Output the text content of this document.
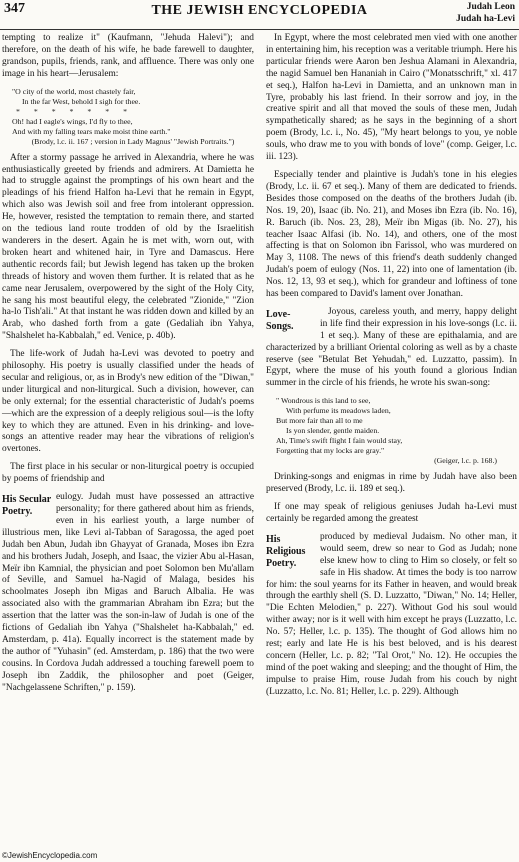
347	THE JEWISH ENCYCLOPEDIA	Judah Leon
Judah ha-Levi

tempting to realize it" (Kaufmann, "Jehuda Halevi"); and therefore, on the death of his wife, he bade farewell to daughter, grandson, pupils, friends, rank, and affluence. There was only one image in his heart—Jerusalem:

"O city of the world, most chastely fair,
In the far West, behold I sigh for thee.
* * * * * * *
Oh! had I eagle's wings, I'd fly to thee,
And with my falling tears make moist thine earth."
(Brody, l.c. ii. 167 ; version in Lady Magnus' "Jewish Portraits.")

After a stormy passage he arrived in Alexandria, where he was enthusiastically greeted by friends and admirers. At Damietta he had to struggle against the promptings of his own heart and the pleadings of his friend Halfon ha-Levi that he remain in Egypt, which also was Jewish soil and free from intolerant oppression. He, however, resisted the temptation to remain there, and started on the tedious land route trodden of old by the Israelitish wanderers in the desert. Again he is met with, worn out, with broken heart and whitened hair, in Tyre and Damascus. Here authentic records fail; but Jewish legend has taken up the broken threads of history and woven them further. It is related that as he came near Jerusalem, overpowered by the sight of the Holy City, he sang his most beautiful elegy, the celebrated "Zionide," "Zion ha-lo Tish'ali." At that instant he was ridden down and killed by an Arab, who dashed forth from a gate (Gedaliah ibn Yahya, "Shalshelet ha-Kabbalah," ed. Venice, p. 40b).

The life-work of Judah ha-Levi was devoted to poetry and philosophy. His poetry is usually classified under the heads of secular and religious, or, as in Brody's new edition of the "Diwan," under liturgical and non-liturgical. Such a division, however, can be only external; for the essential characteristic of Judah's poems—which are the expression of a deeply religious soul—is the lofty key to which they are attuned. Even in his drinking- and love-songs an attentive reader may hear the vibrations of religion's overtones.

The first place in his secular or non-liturgical poetry is occupied by poems of friendship and

His Secular Poetry.
eulogy. Judah must have possessed an attractive personality; for there gathered about him as friends, even in his earliest youth, a large number of illustrious men, like Levi al-Tabban of Saragossa, the aged poet Judah ben Abun, Judah ibn Ghayyat of Granada, Moses ibn Ezra and his brothers Judah, Joseph, and Isaac, the vizier Abu al-Hasan, Meïr ibn Kamnial, the physician and poet Solomon ben Mu'allam of Seville, and Samuel ha-Nagid of Malaga, besides his schoolmates Joseph ibn Migas and Baruch Albalia. He was associated also with the grammarian Abraham ibn Ezra; but the assertion that the latter was the son-in-law of Judah is one of the fictions of Gedaliah ibn Yahya ("Shalshelet ha-Kabbalah," ed. Amsterdam, p. 41a). Equally incorrect is the statement made by the author of "Yuhasin" (ed. Amsterdam, p. 186) that the two were cousins. In Cordova Judah addressed a touching farewell poem to Joseph ibn Zaddik, the philosopher and poet (Geiger, "Nachgelassene Schriften," p. 159).

In Egypt, where the most celebrated men vied with one another in entertaining him, his reception was a veritable triumph. Here his particular friends were Aaron ben Jeshua Alamani in Alexandria, the nagid Samuel ben Hananiah in Cairo ("Monatsschrift," xl. 417 et seq.), Halfon ha-Levi in Damietta, and an unknown man in Tyre, probably his last friend. In their sorrow and joy, in the creative spirit and all that moved the souls of these men, Judah sympathetically shared; as he says in the beginning of a short poem (Brody, l.c. i., No. 45), "My heart belongs to you, ye noble souls, who draw me to you with bonds of love" (comp. Geiger, l.c. iii. 123).

Especially tender and plaintive is Judah's tone in his elegies (Brody, l.c. ii. 67 et seq.). Many of them are dedicated to friends. Besides those composed on the deaths of the brothers Judah (ib. Nos. 19, 20), Isaac (ib. No. 21), and Moses ibn Ezra (ib. No. 16), R. Baruch (ib. Nos. 23, 28), Meïr ibn Migas (ib. No. 27), his teacher Isaac Alfasi (ib. No. 14), and others, one of the most affecting is that on Solomon ibn Farissol, who was murdered on May 3, 1108. The news of this friend's death suddenly changed Judah's poem of eulogy (Nos. 11, 22) into one of lamentation (ib. Nos. 12, 13, 93 et seq.), which for grandeur and loftiness of tone has been compared to David's lament over Jonathan.

Love-Songs.
Joyous, careless youth, and merry, happy delight in life find their expression in his love-songs (l.c. ii. 1 et seq.). Many of these are epithalamia, and are characterized by a brilliant Oriental coloring as well as by a chaste reserve (see "Betulat Bet Yehudah," ed. Luzzatto, passim). In Egypt, where the muse of his youth found a glorious Indian summer in the circle of his friends, he wrote his swan-song:

" Wondrous is this land to see,
With perfume its meadows laden,
But more fair than all to me
Is yon slender, gentle maiden.
Ah, Time's swift flight I fain would stay,
Forgetting that my locks are gray."
(Geiger, l.c. p. 168.)

Drinking-songs and enigmas in rime by Judah have also been preserved (Brody, l.c. ii. 189 et seq.).

If one may speak of religious geniuses Judah ha-Levi must certainly be regarded among the greatest

His Religious Poetry.
produced by medieval Judaism. No other man, it would seem, drew so near to God as Judah; none else knew how to cling to Him so closely, or felt so safe in His shadow. At times the body is too narrow for him: the soul yearns for its Father in heaven, and would break through the earthly shell (S. D. Luzzatto, "Diwan," No. 14; Heller, "Die Echten Melodien," p. 227). Without God his soul would wither away; nor is it well with him except he prays (Luzzatto, l.c. No. 57; Heller, l.c. p. 135). The thought of God allows him no rest; early and late He is his best beloved, and is his dearest concern (Heller, l.c. p. 82; "Tal Orot," No. 12). He occupies the mind of the poet waking and sleeping; and the thought of Him, the impulse to praise Him, rouse Judah from his couch by night (Luzzatto, l.c. No. 81; Heller, l.c. p. 229). Although

©JewishEncyclopedia.com
